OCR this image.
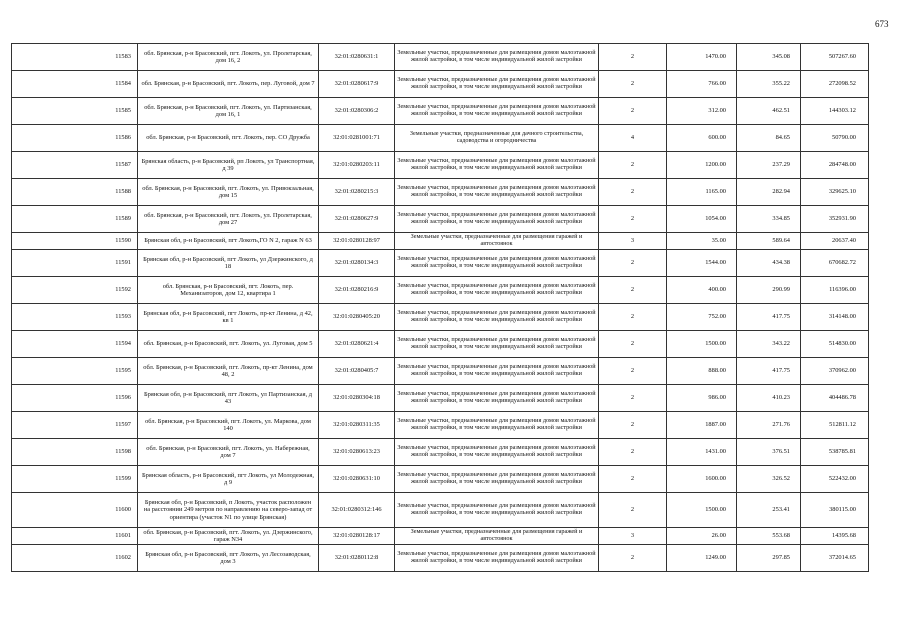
673
11583	обл. Брянская, р-н Брасовский, пгт. Локоть, ул. Пролетарская, дом 16, 2	32:01:0280631:1	Земельные участки, предназначенные для размещения домов малоэтажной жилой застройки, в том числе индивидуальной жилой застройки	2	1470.00	345.08	507267.60
11584	обл. Брянская, р-н Брасовский, пгт. Локоть, пер. Луговой, дом 7	32:01:0280617:9	Земельные участки, предназначенные для размещения домов малоэтажной жилой застройки, в том числе индивидуальной жилой застройки	2	766.00	355.22	272098.52
11585	обл. Брянская, р-н Брасовский, пгт. Локоть, ул. Партизанская, дом 16, 1	32:01:0280306:2	Земельные участки, предназначенные для размещения домов малоэтажной жилой застройки, в том числе индивидуальной жилой застройки	2	312.00	462.51	144303.12
11586	обл. Брянская, р-н Брасовский, пгт. Локоть, пер. СО Дружба	32:01:0281001:71	Земельные участки, предназначенные для дачного строительства, садоводства и огородничества	4	600.00	84.65	50790.00
11587	Брянская область, р-н Брасовский, рп Локоть, ул Транспортная, д 39	32:01:0280203:11	Земельные участки, предназначенные для размещения домов малоэтажной жилой застройки, в том числе индивидуальной жилой застройки	2	1200.00	237.29	284748.00
11588	обл. Брянская, р-н Брасовский, пгт. Локоть, ул. Привокзальная, дом 15	32:01:0280215:3	Земельные участки, предназначенные для размещения домов малоэтажной жилой застройки, в том числе индивидуальной жилой застройки	2	1165.00	282.94	329625.10
11589	обл. Брянская, р-н Брасовский, пгт. Локоть, ул. Пролетарская, дом 27	32:01:0280627:9	Земельные участки, предназначенные для размещения домов малоэтажной жилой застройки, в том числе индивидуальной жилой застройки	2	1054.00	334.85	352931.90
11590	Брянская обл, р-н Брасовский, пгт Локоть,ГО N 2, гараж N 63	32:01:0280128:97	Земельные участки, предназначенные для размещения гаражей и автостоянок	3	35.00	589.64	20637.40
11591	Брянская обл, р-н Брасовский, пгт Локоть, ул Дзержинского, д 18	32:01:0280134:3	Земельные участки, предназначенные для размещения домов малоэтажной жилой застройки, в том числе индивидуальной жилой застройки	2	1544.00	434.38	670682.72
11592	обл. Брянская, р-н Брасовский, пгт. Локоть, пер. Механизаторов, дом 12, квартира 1	32:01:0280216:9	Земельные участки, предназначенные для размещения домов малоэтажной жилой застройки, в том числе индивидуальной жилой застройки	2	400.00	290.99	116396.00
11593	Брянская обл, р-н Брасовский, пгт Локоть, пр-кт Ленина, д 42, кв 1	32:01:0280405:20	Земельные участки, предназначенные для размещения домов малоэтажной жилой застройки, в том числе индивидуальной жилой застройки	2	752.00	417.75	314148.00
11594	обл. Брянская, р-н Брасовский, пгт. Локоть, ул. Луговая, дом 5	32:01:0280621:4	Земельные участки, предназначенные для размещения домов малоэтажной жилой застройки, в том числе индивидуальной жилой застройки	2	1500.00	343.22	514830.00
11595	обл. Брянская, р-н Брасовский, пгт. Локоть, пр-кт Ленина, дом 48, 2	32:01:0280405:7	Земельные участки, предназначенные для размещения домов малоэтажной жилой застройки, в том числе индивидуальной жилой застройки	2	888.00	417.75	370962.00
11596	Брянская обл, р-н Брасовский, пгт Локоть, ул Партизанская, д 43	32:01:0280304:18	Земельные участки, предназначенные для размещения домов малоэтажной жилой застройки, в том числе индивидуальной жилой застройки	2	986.00	410.23	404486.78
11597	обл. Брянская, р-н Брасовский, пгт. Локоть, ул. Маркова, дом 140	32:01:0280311:35	Земельные участки, предназначенные для размещения домов малоэтажной жилой застройки, в том числе индивидуальной жилой застройки	2	1887.00	271.76	512811.12
11598	обл. Брянская, р-н Брасовский, пгт. Локоть, ул. Набережная, дом 7	32:01:0280613:23	Земельные участки, предназначенные для размещения домов малоэтажной жилой застройки, в том числе индивидуальной жилой застройки	2	1431.00	376.51	538785.81
11599	Брянская область, р-н Брасовский, пгт Локоть, ул Молодежная, д 9	32:01:0280631:10	Земельные участки, предназначенные для размещения домов малоэтажной жилой застройки, в том числе индивидуальной жилой застройки	2	1600.00	326.52	522432.00
11600	Брянская обл, р-н Брасовский, п Локоть, участок расположен на расстоянии 249 метров по направлению на северо-запад от ориентира (участок N1 по улице Брянская)	32:01:0280312:146	Земельные участки, предназначенные для размещения домов малоэтажной жилой застройки, в том числе индивидуальной жилой застройки	2	1500.00	253.41	380115.00
11601	обл. Брянская, р-н Брасовский, пгт. Локоть, ул. Дзержинского, гараж N34	32:01:0280128:17	Земельные участки, предназначенные для размещения гаражей и автостоянок	3	26.00	553.68	14395.68
11602	Брянская обл, р-н Брасовский, пгт Локоть, ул Лесозаводская, дом 3	32:01:0280112:8	Земельные участки, предназначенные для размещения домов малоэтажной жилой застройки, в том числе индивидуальной жилой застройки	2	1249.00	297.85	372014.65
